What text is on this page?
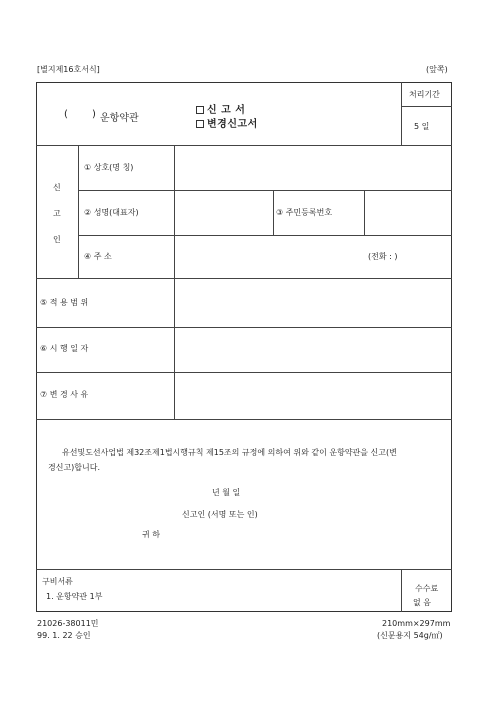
[별지제16호서식]	(앞쪽)
( ) 운항약관
신 고 서
변경신고서
처리기간
5 일
신
고
인
① 상호(명 칭)
② 성명(대표자)	③ 주민등록번호
④ 주 소	(전화 : )
⑤ 적 용 범 위
⑥ 시 행 일 자
⑦ 변 경 사 유
유선및도선사업법 제32조제1법시행규칙 제15조의 규정에 의하여 위와 같이 운항약관을 신고(변
경신고)합니다.
년 월 일
신고인 (서명 또는 인)
귀 하
구비서류
1. 운항약관 1부
수수료
없 음
21026-38011민
99. 1. 22 승인
210mm×297mm
(신문용지 54g/㎡)
